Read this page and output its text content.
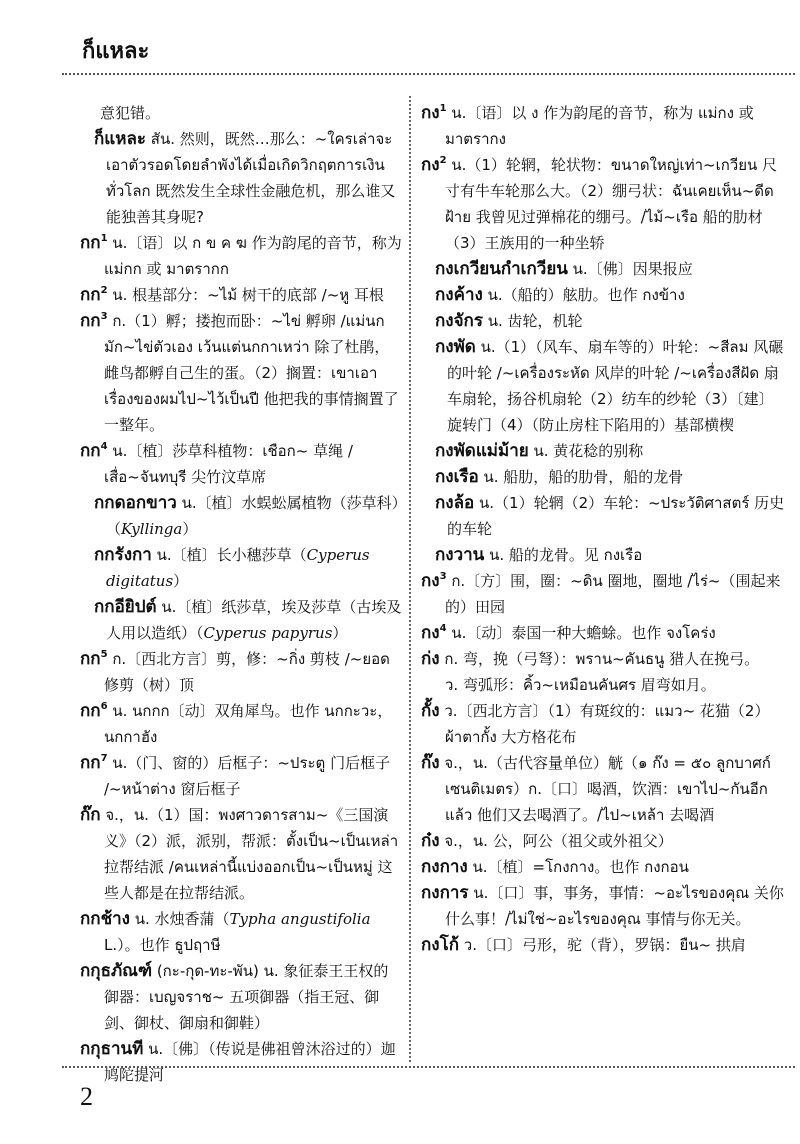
ก็แหละ
意犯错。
ก็แหละ สัน. 然则，既然…那么：~ใครเล่าจะเอาตัวรอดโดยลำพังได้เมื่อเกิดวิกฤตการเงินทั่วโลก 既然发生全球性金融危机，那么谁又能独善其身呢?
กก$^1$ น.〔语〕以 ก ข ค ฆ 作为韵尾的音节，称为แม่กก 或 มาตรากก
กก$^2$ น. 根基部分：~ไม้ 树干的底部 /~หู 耳根
กก$^3$ ก.（1）孵；搂抱而卧：~ไข่ 孵卵 /แม่นกมัก~ไข่ตัวเอง เว้นแต่นกกาเหว่า 除了杜鹃，雌鸟都孵自己生的蛋。（2）搁置：เขาเอาเรื่องของผมไป~ไว้เป็นปี 他把我的事情搁置了一整年。
กก$^4$ น.〔植〕莎草科植物：เชือก~ 草绳 /เสื่อ~จันทบุรี 尖竹汶草席
กกดอกขาว น.〔植〕水蜈蚣属植物（莎草科）（Kyllinga）
กกรังกา น.〔植〕长小穗莎草（Cyperus digitatus）
กกอียิปต์ น.〔植〕纸莎草，埃及莎草（古埃及人用以造纸）（Cyperus papyrus）
กก$^5$ ก.〔西北方言〕剪，修：~กิ่ง 剪枝 /~ยอด 修剪（树）顶
กก$^6$ น. นกกก〔动〕双角犀鸟。也作 นกกะวะ，นกกาฮัง
กก$^7$ น.（门、窗的）后框子：~ประตู 门后框子 /~หน้าต่าง 窗后框子
ก๊ก จ.，น.（1）国：พงศาวดารสาม~《三国演义》（2）派，派别，帮派：ตั้งเป็น~เป็นเหล่า 拉帮结派 /คนเหล่านี้แบ่งออกเป็น~เป็นหมู่ 这些人都是在拉帮结派。
กกช้าง น. 水烛香蒲（Typha angustifolia L.）。也作 ธูปฤาษี
กกุธภัณฑ์ (กะ-กุด-ทะ-พัน) น. 象征泰王王权的御器：เบญจราช~ 五项御器（指王冠、御剑、御杖、御扇和御鞋）
กกุธานที น.〔佛〕（传说是佛祖曾沐浴过的）迦鸠陀提河
กง$^1$ น.〔语〕以 ง 作为韵尾的音节，称为 แม่กง 或 มาตรากง
กง$^2$ น.（1）轮辋，轮状物：ขนาดใหญ่เท่า~เกวียน 尺寸有牛车轮那么大。（2）绷弓状：ฉันเคยเห็น~ดีดฝ้าย 我曾见过弹棉花的绷弓。/ไม้~เรือ 船的肋材（3）王族用的一种坐轿
กงเกวียนกำเกวียน น.〔佛〕因果报应
กงค้าง น.（船的）舷肋。也作 กงข้าง
กงจักร น. 齿轮，机轮
กงพัด น.（1）（风车、扇车等的）叶轮：~สีลม 风碾的叶轮 /~เครื่องระหัด 风岸的叶轮 /~เครื่องสีฝัด 扇车扇轮，扬谷机扇轮（2）纺车的纱轮（3）〔建〕旋转门（4）（防止房柱下陷用的）基部横楔
กงพัดแม่ม้าย น. 黄花稔的别称
กงเรือ น. 船肋，船的肋骨，船的龙骨
กงล้อ น.（1）轮辋（2）车轮：~ประวัติศาสตร์ 历史的车轮
กงวาน น. 船的龙骨。见 กงเรือ
กง$^3$ ก.〔方〕围，圈：~ดิน 圈地，圈地 /ไร่~（围起来的）田园
กง$^4$ น.〔动〕泰国一种大蟾蜍。也作 จงโคร่ง
ก่ง ก. 弯，挽（弓弩）：พราน~คันธนู 猎人在挽弓。
ว. 弯弧形：คิ้ว~เหมือนคันศร 眉弯如月。
กั้ง ว.〔西北方言〕（1）有斑纹的：แมว~ 花猫（2）ผ้าตากั้ง 大方格花布
ก๊ง จ.，น.（古代容量单位）觥（๑ ก๊ง = ๕๐ ลูกบาศก์เซนติเมตร）ก.〔口〕喝酒，饮酒：เขาไป~กันอีกแล้ว 他们又去喝酒了。/ไป~เหล้า 去喝酒
ก๋ง จ.，น. 公，阿公（祖父或外祖父）
กงกาง น.〔植〕=โกงกาง。也作 กงกอน
กงการ น.〔口〕事，事务，事情：~อะไรของคุณ 关你什么事！/ไม่ใช่~อะไรของคุณ 事情与你无关。
กงโก้ ว.〔口〕弓形，驼（背），罗锅：ยืน~ 拱肩
2
